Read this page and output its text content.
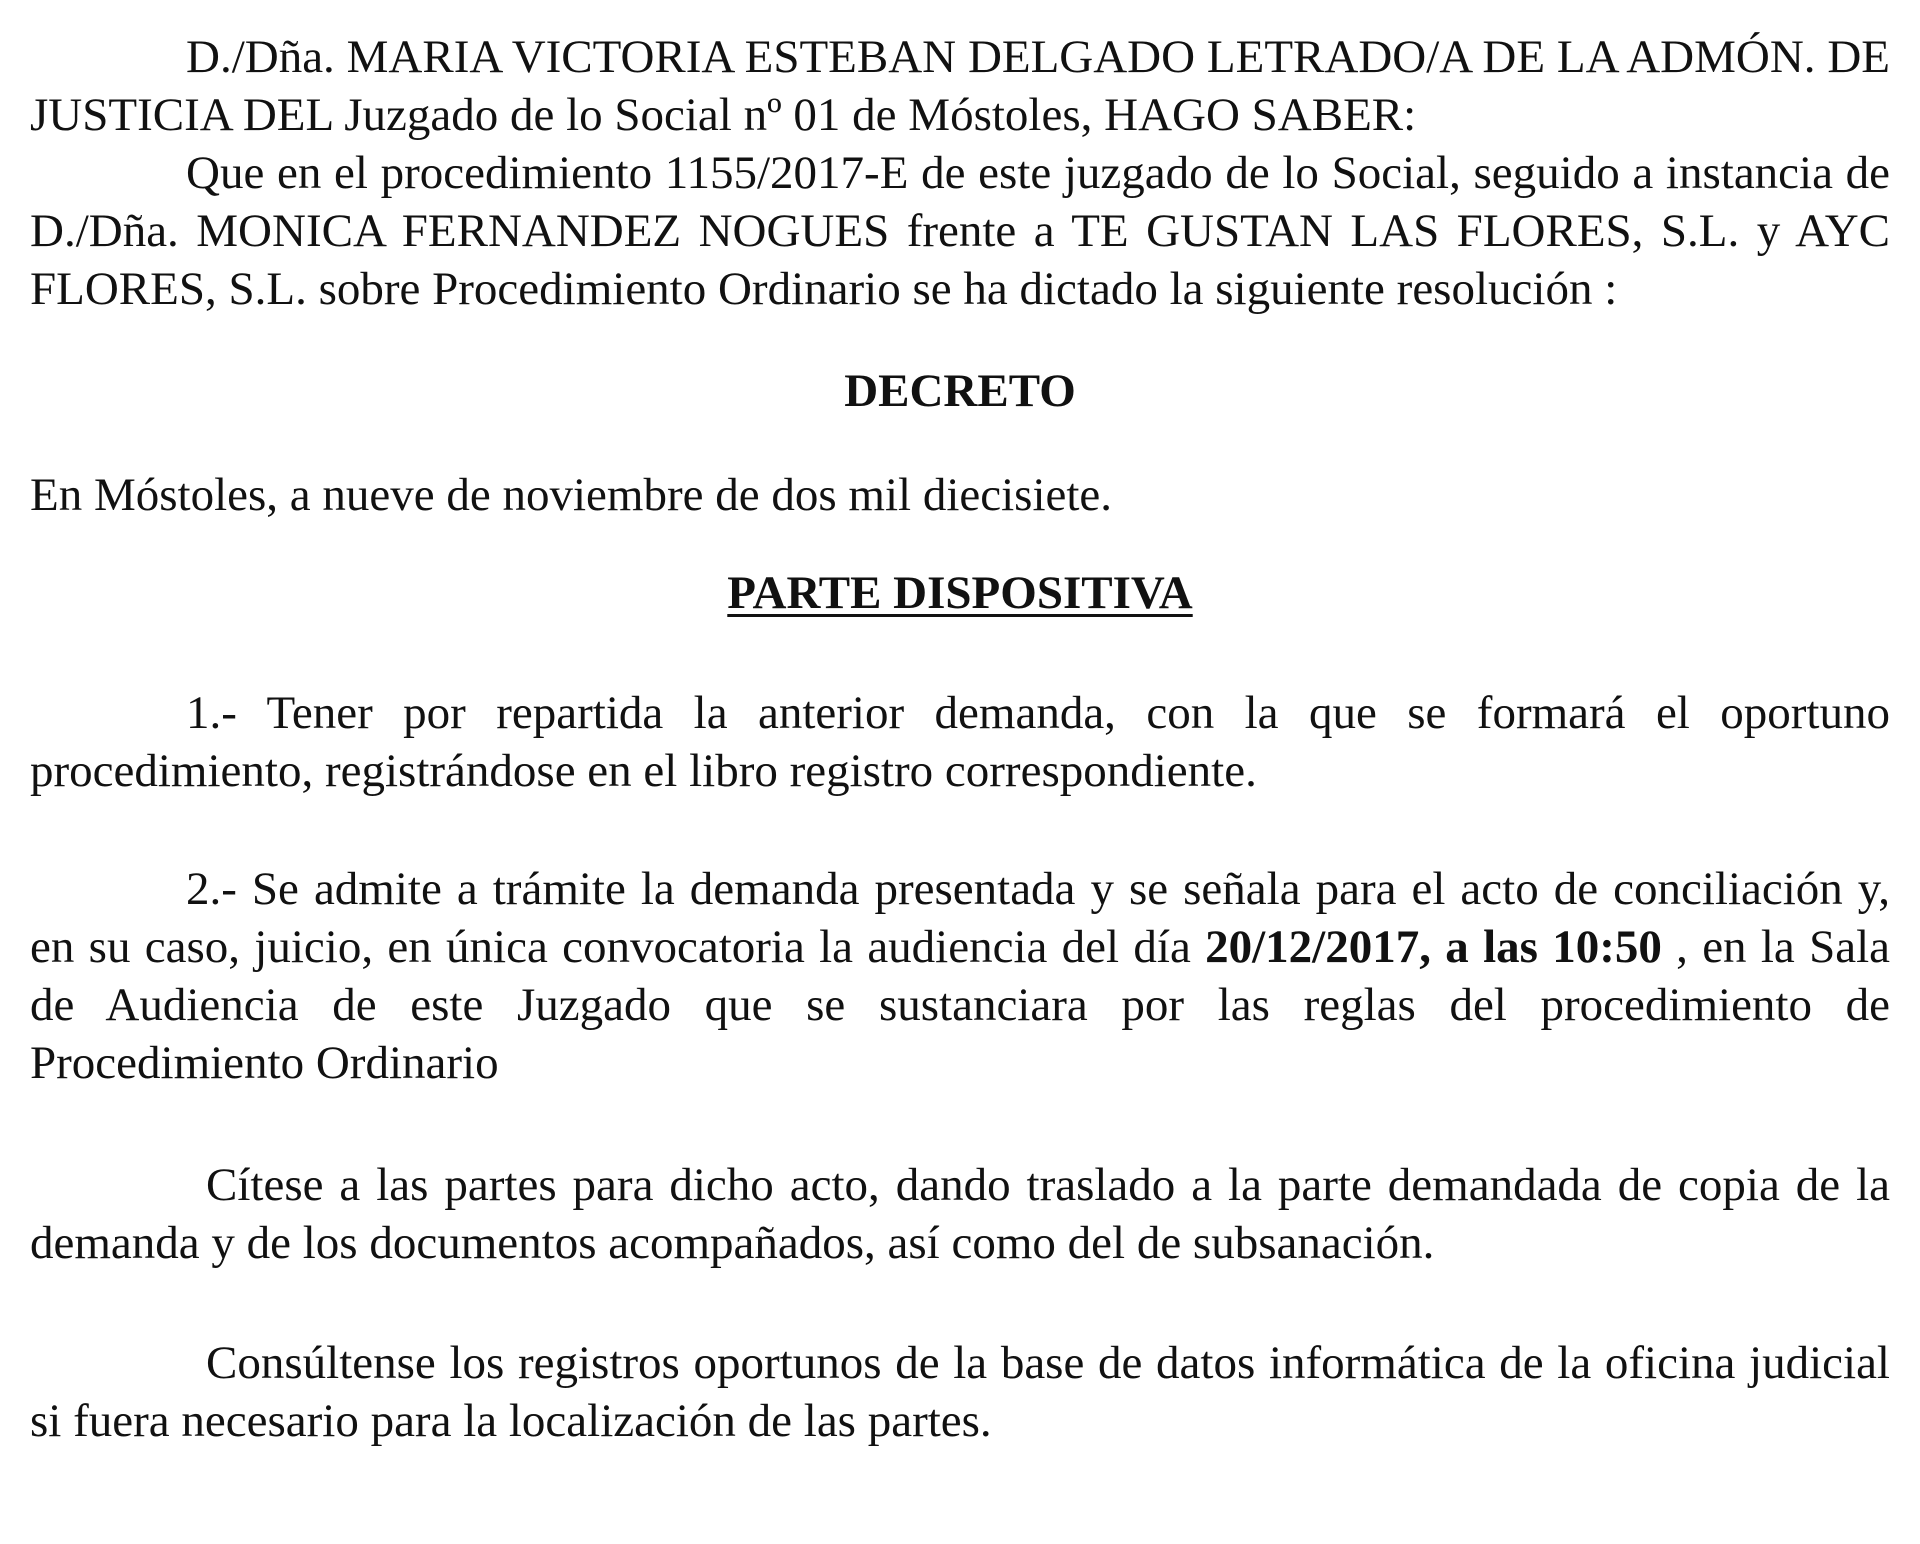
D./Dña. MARIA VICTORIA ESTEBAN DELGADO LETRADO/A DE LA ADMÓN. DE JUSTICIA DEL Juzgado de lo Social nº 01 de Móstoles, HAGO SABER:

Que en el procedimiento 1155/2017-E de este juzgado de lo Social, seguido a instancia de D./Dña. MONICA FERNANDEZ NOGUES frente a TE GUSTAN LAS FLORES, S.L. y AYC FLORES, S.L. sobre Procedimiento Ordinario se ha dictado la siguiente resolución :

DECRETO

En Móstoles, a nueve de noviembre de dos mil diecisiete.

PARTE DISPOSITIVA

1.- Tener por repartida la anterior demanda, con la que se formará el oportuno procedimiento, registrándose en el libro registro correspondiente.

2.- Se admite a trámite la demanda presentada y se señala para el acto de conciliación y, en su caso, juicio, en única convocatoria la audiencia del día 20/12/2017, a las 10:50 , en la Sala de Audiencia de este Juzgado que se sustanciara por las reglas del procedimiento de Procedimiento Ordinario

Cítese a las partes para dicho acto, dando traslado a la parte demandada de copia de la demanda y de los documentos acompañados, así como del de subsanación.

Consúltense los registros oportunos de la base de datos informática de la oficina judicial si fuera necesario para la localización de las partes.
